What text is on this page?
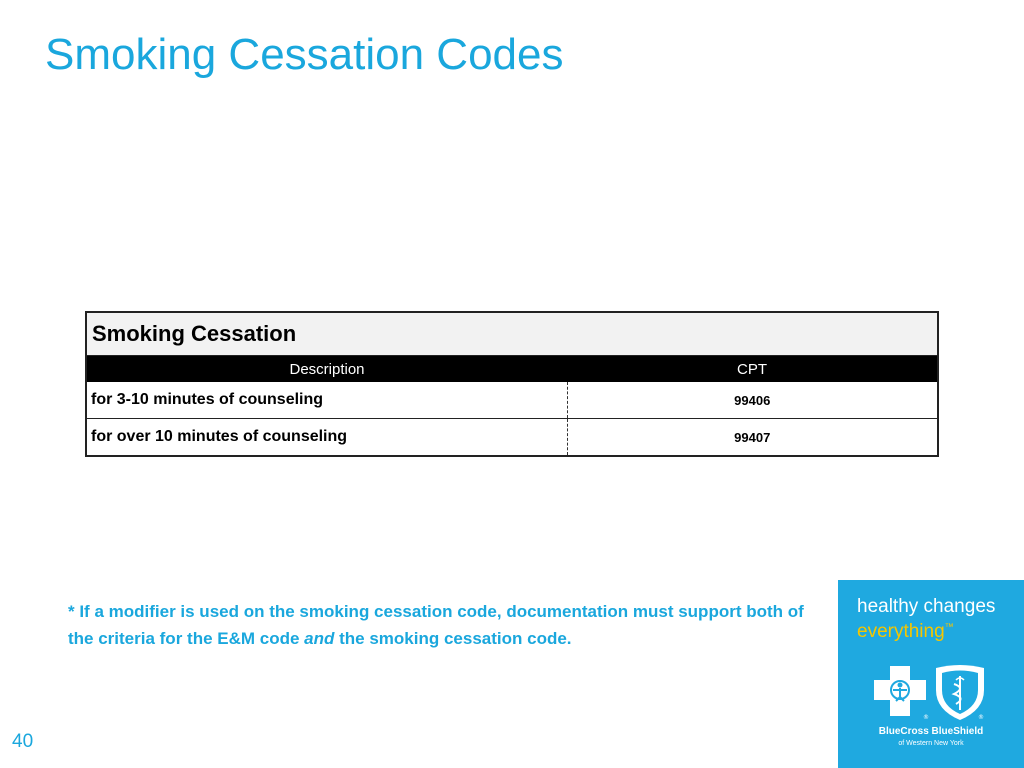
Smoking Cessation Codes
Smoking Cessation	
Description	CPT
for 3-10 minutes of counseling	99406
for over 10 minutes of counseling	99407
* If a modifier is used on the smoking cessation code, documentation must support both of the criteria for the E&M code and the smoking cessation code.
healthy changes
everything™
®	®
BlueCross BlueShield
of Western New York
40
